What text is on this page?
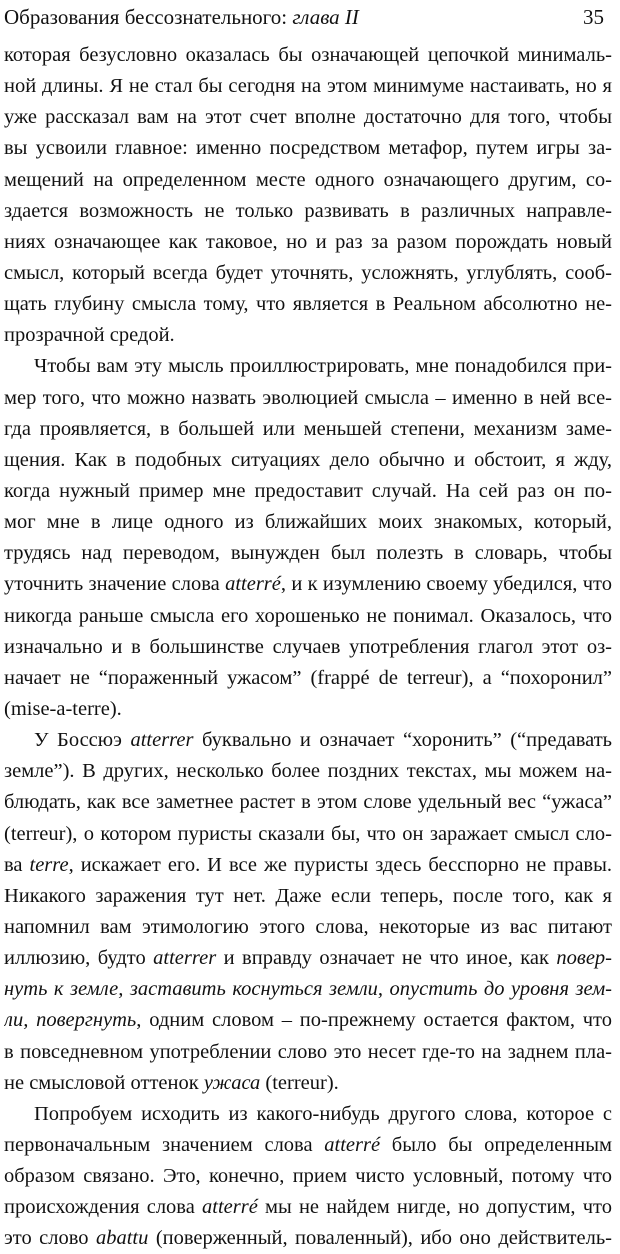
Образования бессознательного: глава II	35
которая безусловно оказалась бы означающей цепочкой минималь-
ной длины. Я не стал бы сегодня на этом минимуме настаивать, но я
уже рассказал вам на этот счет вполне достаточно для того, чтобы
вы усвоили главное: именно посредством метафор, путем игры за-
мещений на определенном месте одного означающего другим, со-
здается возможность не только развивать в различных направле-
ниях означающее как таковое, но и раз за разом порождать новый
смысл, который всегда будет уточнять, усложнять, углублять, сооб-
щать глубину смысла тому, что является в Реальном абсолютно не-
прозрачной средой.
Чтобы вам эту мысль проиллюстрировать, мне понадобился при-
мер того, что можно назвать эволюцией смысла – именно в ней все-
гда проявляется, в большей или меньшей степени, механизм заме-
щения. Как в подобных ситуациях дело обычно и обстоит, я жду,
когда нужный пример мне предоставит случай. На сей раз он по-
мог мне в лице одного из ближайших моих знакомых, который,
трудясь над переводом, вынужден был полезть в словарь, чтобы
уточнить значение слова atterré, и к изумлению своему убедился, что
никогда раньше смысла его хорошенько не понимал. Оказалось, что
изначально и в большинстве случаев употребления глагол этот оз-
начает не “пораженный ужасом” (frappé de terreur), а “похоронил”
(mise-a-terre).
У Боссюэ atterrer буквально и означает “хоронить” (“предавать
земле”). В других, несколько более поздних текстах, мы можем на-
блюдать, как все заметнее растет в этом слове удельный вес “ужаса”
(terreur), о котором пуристы сказали бы, что он заражает смысл сло-
ва terre, искажает его. И все же пуристы здесь бесспорно не правы.
Никакого заражения тут нет. Даже если теперь, после того, как я
напомнил вам этимологию этого слова, некоторые из вас питают
иллюзию, будто atterrer и вправду означает не что иное, как повер-
нуть к земле, заставить коснуться земли, опустить до уровня зем-
ли, повергнуть, одним словом – по-прежнему остается фактом, что
в повседневном употреблении слово это несет где-то на заднем пла-
не смысловой оттенок ужаса (terreur).
Попробуем исходить из какого-нибудь другого слова, которое с
первоначальным значением слова atterré было бы определенным
образом связано. Это, конечно, прием чисто условный, потому что
происхождения слова atterré мы не найдем нигде, но допустим, что
это слово abattu (поверженный, поваленный), ибо оно действитель-
